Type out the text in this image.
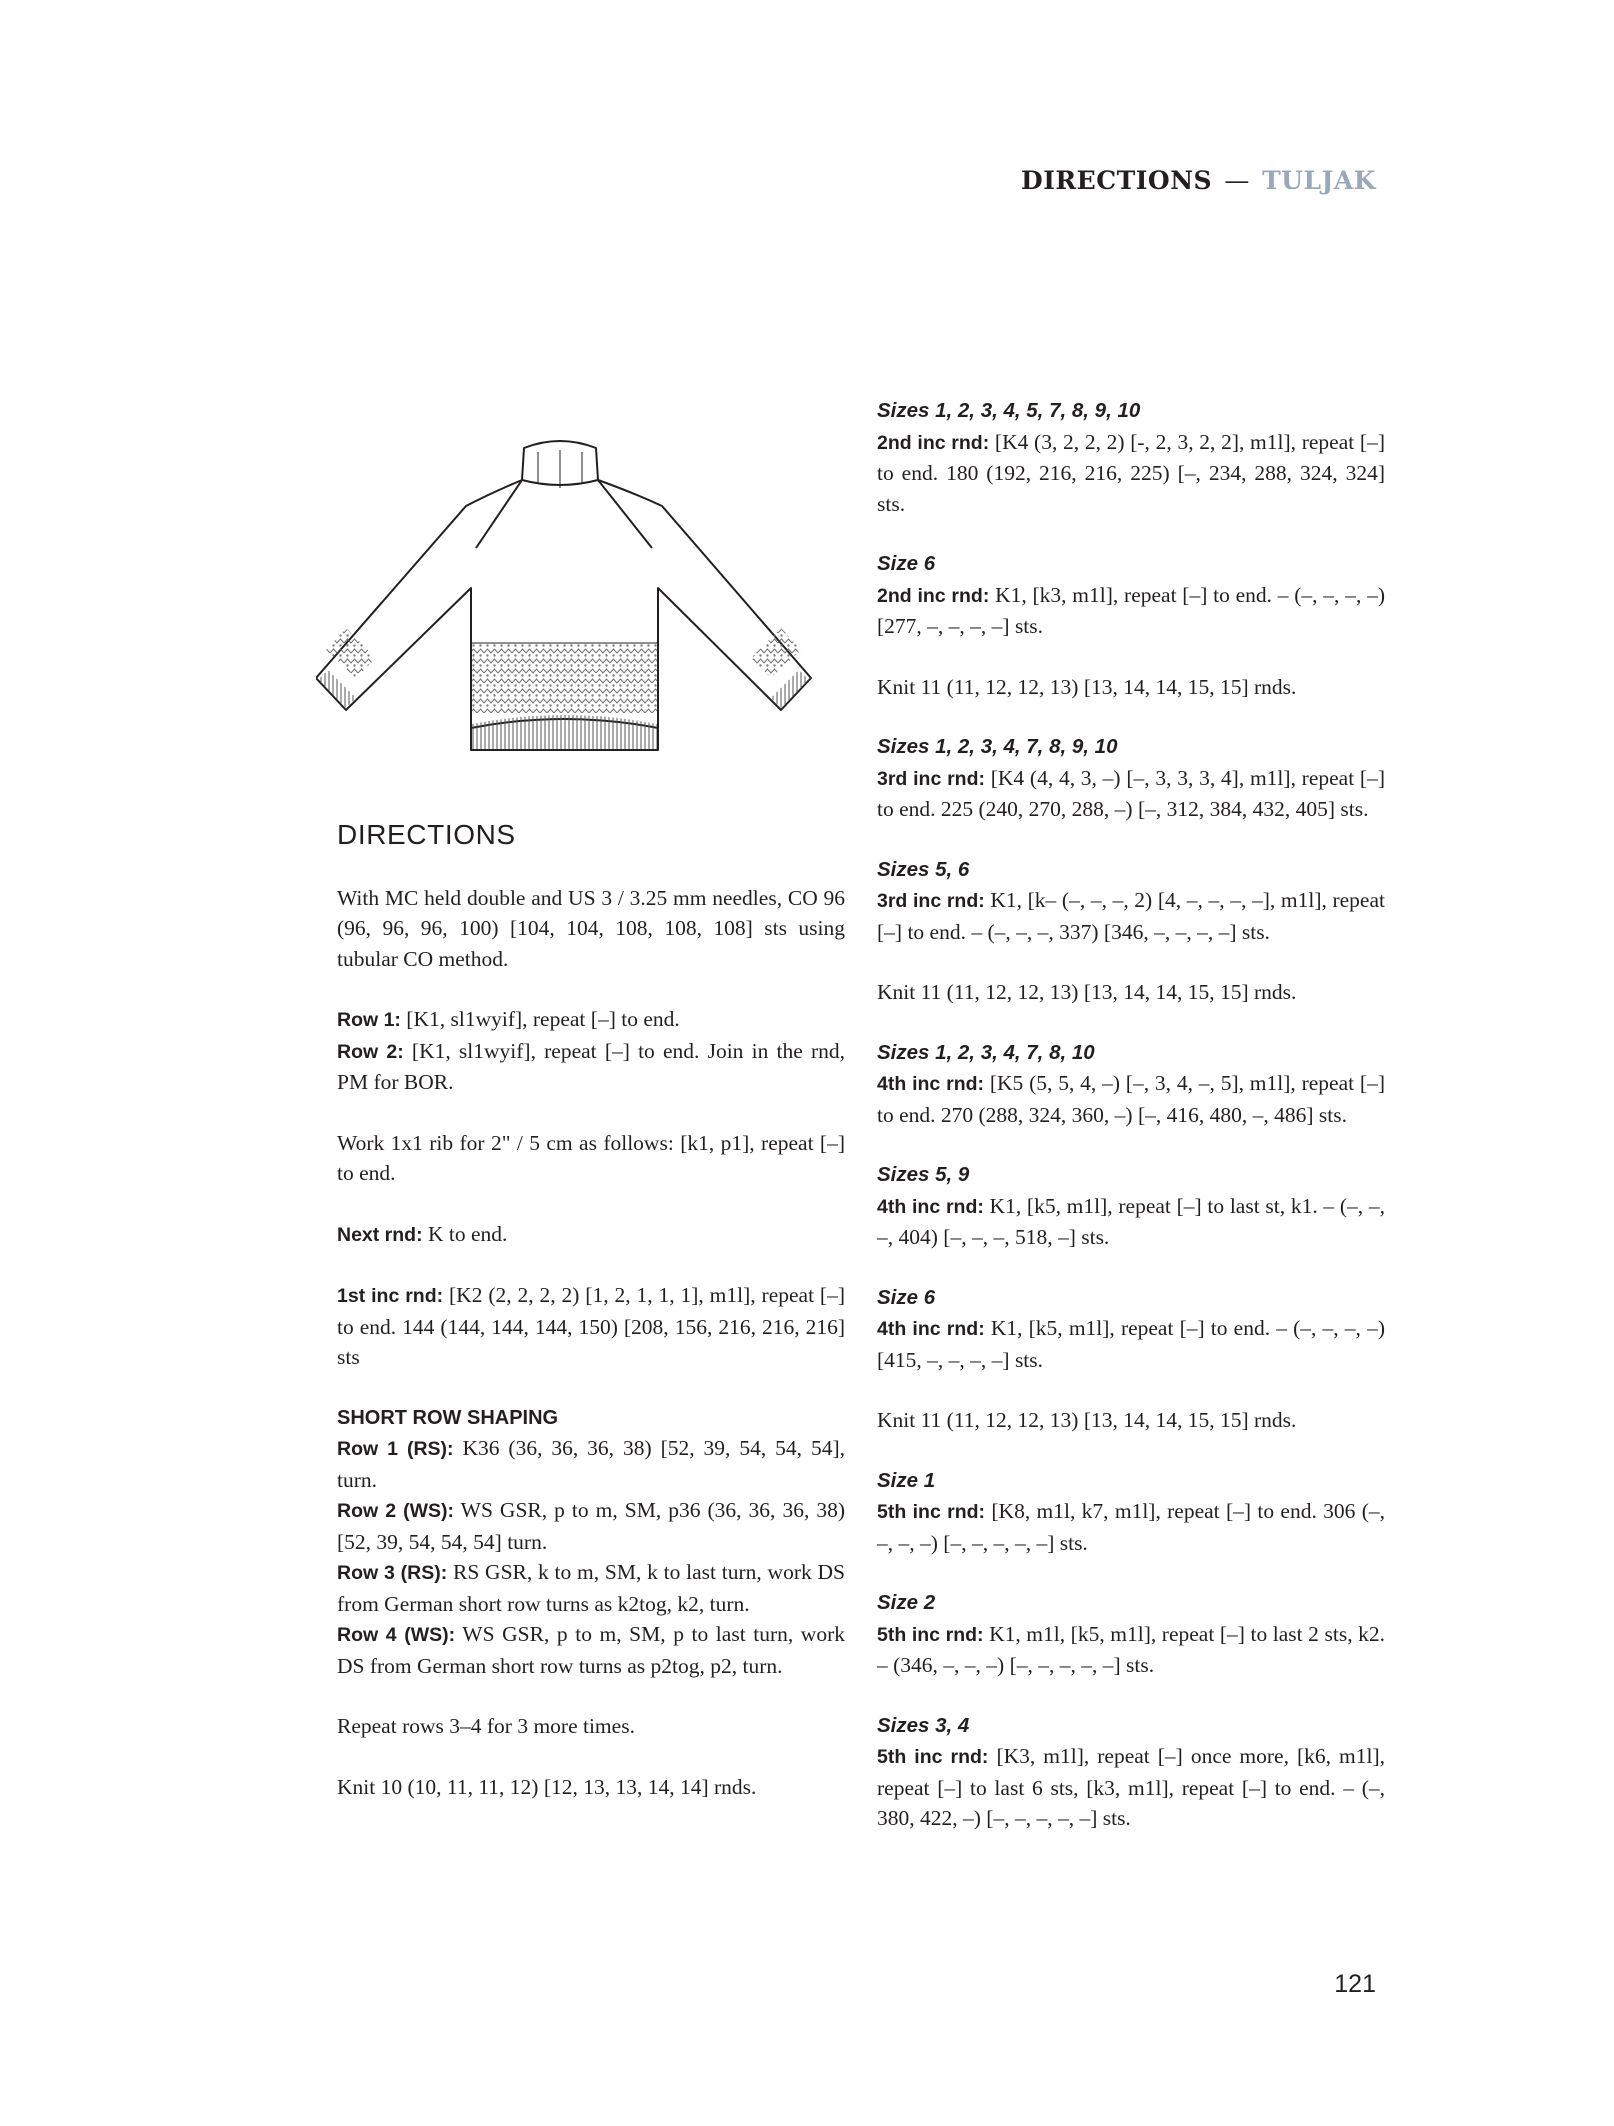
DIRECTIONS — TULJAK
DIRECTIONS

With MC held double and US 3 / 3.25 mm needles, CO 96 (96, 96, 96, 100) [104, 104, 108, 108, 108] sts using tubular CO method.

Row 1: [K1, sl1wyif], repeat [–] to end.

Row 2: [K1, sl1wyif], repeat [–] to end. Join in the rnd, PM for BOR.

Work 1x1 rib for 2" / 5 cm as follows: [k1, p1], repeat [–] to end.

Next rnd: K to end.

1st inc rnd: [K2 (2, 2, 2, 2) [1, 2, 1, 1, 1], m1l], repeat [–] to end. 144 (144, 144, 144, 150) [208, 156, 216, 216, 216] sts

SHORT ROW SHAPING

Row 1 (RS): K36 (36, 36, 36, 38) [52, 39, 54, 54, 54], turn.

Row 2 (WS): WS GSR, p to m, SM, p36 (36, 36, 36, 38) [52, 39, 54, 54, 54] turn.

Row 3 (RS): RS GSR, k to m, SM, k to last turn, work DS from German short row turns as k2tog, k2, turn.

Row 4 (WS): WS GSR, p to m, SM, p to last turn, work DS from German short row turns as p2tog, p2, turn.

Repeat rows 3–4 for 3 more times.

Knit 10 (10, 11, 11, 12) [12, 13, 13, 14, 14] rnds.

Sizes 1, 2, 3, 4, 5, 7, 8, 9, 10

2nd inc rnd: [K4 (3, 2, 2, 2) [-, 2, 3, 2, 2], m1l], repeat [–] to end. 180 (192, 216, 216, 225) [–, 234, 288, 324, 324] sts.

Size 6

2nd inc rnd: K1, [k3, m1l], repeat [–] to end. – (–, –, –, –) [277, –, –, –, –] sts.

Knit 11 (11, 12, 12, 13) [13, 14, 14, 15, 15] rnds.

Sizes 1, 2, 3, 4, 7, 8, 9, 10

3rd inc rnd: [K4 (4, 4, 3, –) [–, 3, 3, 3, 4], m1l], repeat [–] to end. 225 (240, 270, 288, –) [–, 312, 384, 432, 405] sts.

Sizes 5, 6

3rd inc rnd: K1, [k– (–, –, –, 2) [4, –, –, –, –], m1l], repeat [–] to end. – (–, –, –, 337) [346, –, –, –, –] sts.

Knit 11 (11, 12, 12, 13) [13, 14, 14, 15, 15] rnds.

Sizes 1, 2, 3, 4, 7, 8, 10

4th inc rnd: [K5 (5, 5, 4, –) [–, 3, 4, –, 5], m1l], repeat [–] to end. 270 (288, 324, 360, –) [–, 416, 480, –, 486] sts.

Sizes 5, 9

4th inc rnd: K1, [k5, m1l], repeat [–] to last st, k1. – (–, –, –, 404) [–, –, –, 518, –] sts.

Size 6

4th inc rnd: K1, [k5, m1l], repeat [–] to end. – (–, –, –, –) [415, –, –, –, –] sts.

Knit 11 (11, 12, 12, 13) [13, 14, 14, 15, 15] rnds.

Size 1

5th inc rnd: [K8, m1l, k7, m1l], repeat [–] to end. 306 (–, –, –, –) [–, –, –, –, –] sts.

Size 2

5th inc rnd: K1, m1l, [k5, m1l], repeat [–] to last 2 sts, k2. – (346, –, –, –) [–, –, –, –, –] sts.

Sizes 3, 4

5th inc rnd: [K3, m1l], repeat [–] once more, [k6, m1l], repeat [–] to last 6 sts, [k3, m1l], repeat [–] to end. – (–, 380, 422, –) [–, –, –, –, –] sts.

121
